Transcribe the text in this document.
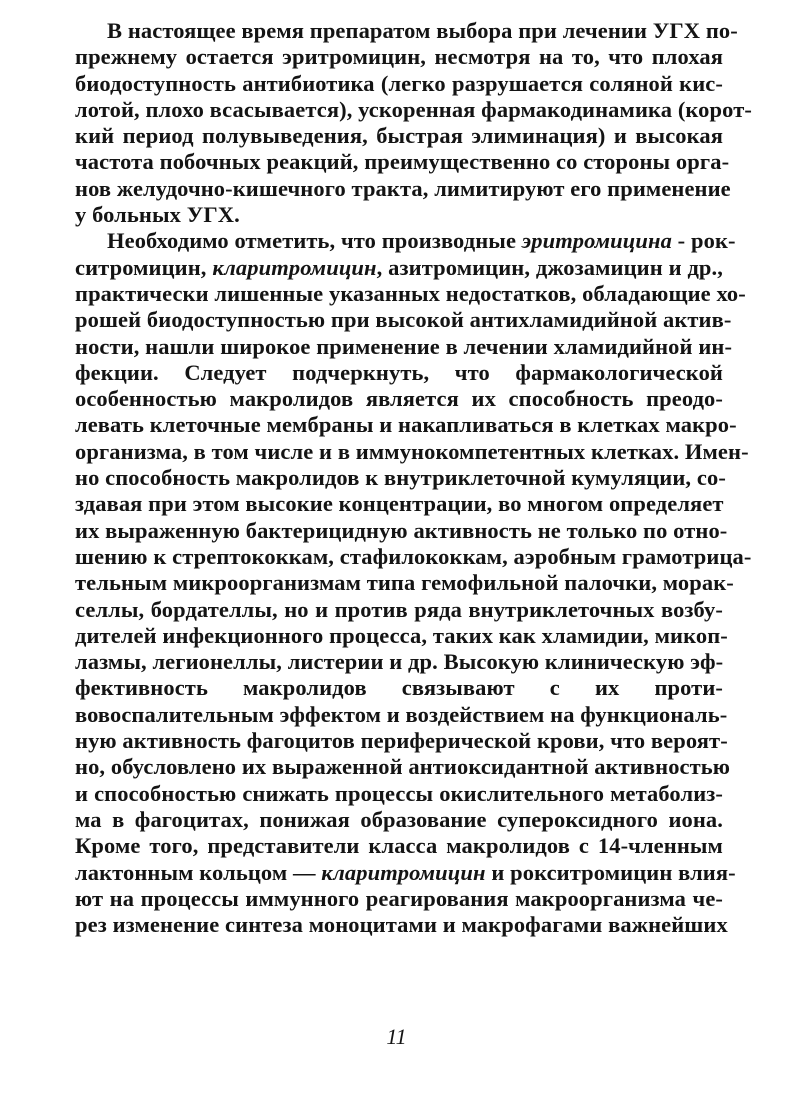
В настоящее время препаратом выбора при лечении УГХ по-
прежнему остается эритромицин, несмотря на то, что плохая
биодоступность антибиотика (легко разрушается соляной кис-
лотой, плохо всасывается), ускоренная фармакодинамика (корот-
кий период полувыведения, быстрая элиминация) и высокая
частота побочных реакций, преимущественно со стороны орга-
нов желудочно-кишечного тракта, лимитируют его применение
у больных УГХ.
Необходимо отметить, что производные эритромицина - рок-
ситромицин, кларитромицин, азитромицин, джозамицин и др.,
практически лишенные указанных недостатков, обладающие хо-
рошей биодоступностью при высокой антихламидийной актив-
ности, нашли широкое применение в лечении хламидийной ин-
фекции. Следует подчеркнуть, что фармакологической
особенностью макролидов является их способность преодо-
левать клеточные мембраны и накапливаться в клетках макро-
организма, в том числе и в иммунокомпетентных клетках. Имен-
но способность макролидов к внутриклеточной кумуляции, со-
здавая при этом высокие концентрации, во многом определяет
их выраженную бактерицидную активность не только по отно-
шению к стрептококкам, стафилококкам, аэробным грамотрица-
тельным микроорганизмам типа гемофильной палочки, морак-
селлы, бордателлы, но и против ряда внутриклеточных возбу-
дителей инфекционного процесса, таких как хламидии, микоп-
лазмы, легионеллы, листерии и др. Высокую клиническую эф-
фективность макролидов связывают с их проти-
вовоспалительным эффектом и воздействием на функциональ-
ную активность фагоцитов периферической крови, что вероят-
но, обусловлено их выраженной антиоксидантной активностью
и способностью снижать процессы окислительного метаболиз-
ма в фагоцитах, понижая образование супероксидного иона.
Кроме того, представители класса макролидов с 14-членным
лактонным кольцом — кларитромицин и рокситромицин влия-
ют на процессы иммунного реагирования макроорганизма че-
рез изменение синтеза моноцитами и макрофагами важнейших
11
